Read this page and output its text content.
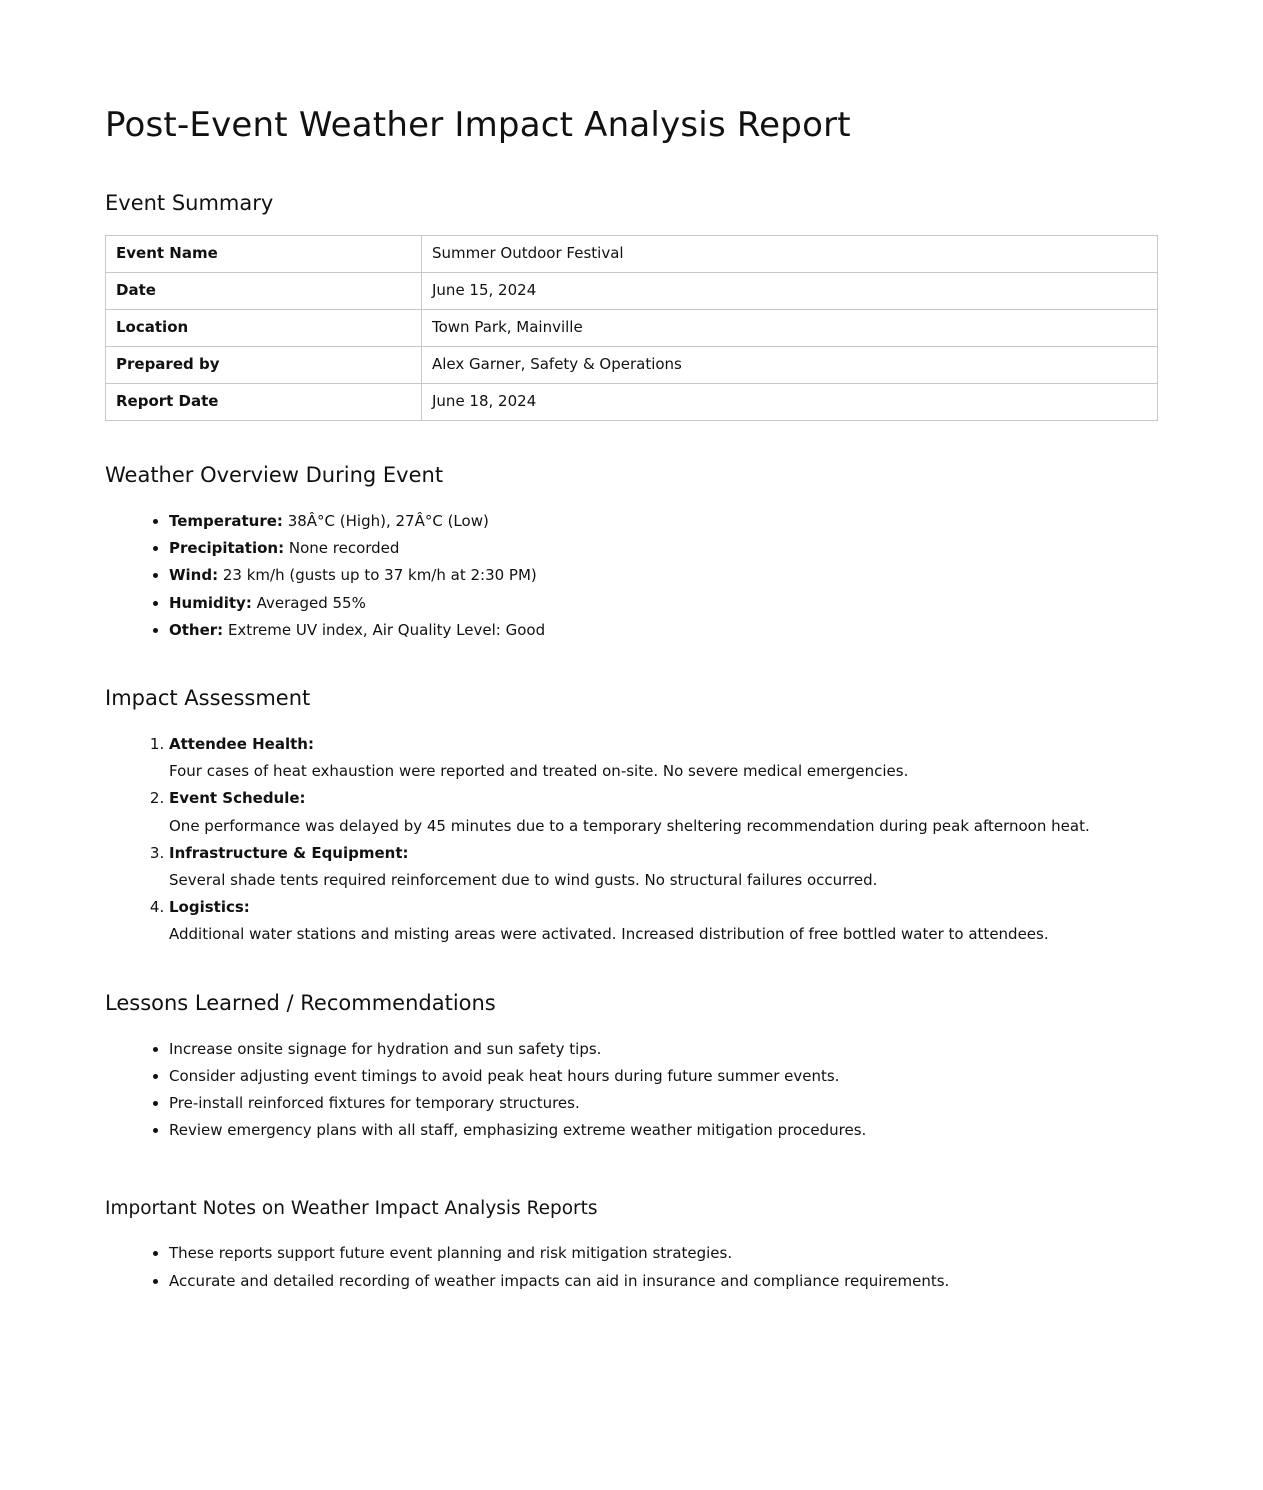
Post-Event Weather Impact Analysis Report
Event Summary
Event Name	Summer Outdoor Festival
Date	June 15, 2024
Location	Town Park, Mainville
Prepared by	Alex Garner, Safety & Operations
Report Date	June 18, 2024
Weather Overview During Event
• Temperature: 38Â°C (High), 27Â°C (Low)
• Precipitation: None recorded
• Wind: 23 km/h (gusts up to 37 km/h at 2:30 PM)
• Humidity: Averaged 55%
• Other: Extreme UV index, Air Quality Level: Good
Impact Assessment
1. Attendee Health:
Four cases of heat exhaustion were reported and treated on-site. No severe medical emergencies.
2. Event Schedule:
One performance was delayed by 45 minutes due to a temporary sheltering recommendation during peak afternoon heat.
3. Infrastructure & Equipment:
Several shade tents required reinforcement due to wind gusts. No structural failures occurred.
4. Logistics:
Additional water stations and misting areas were activated. Increased distribution of free bottled water to attendees.
Lessons Learned / Recommendations
• Increase onsite signage for hydration and sun safety tips.
• Consider adjusting event timings to avoid peak heat hours during future summer events.
• Pre-install reinforced fixtures for temporary structures.
• Review emergency plans with all staff, emphasizing extreme weather mitigation procedures.
Important Notes on Weather Impact Analysis Reports
• These reports support future event planning and risk mitigation strategies.
• Accurate and detailed recording of weather impacts can aid in insurance and compliance requirements.
